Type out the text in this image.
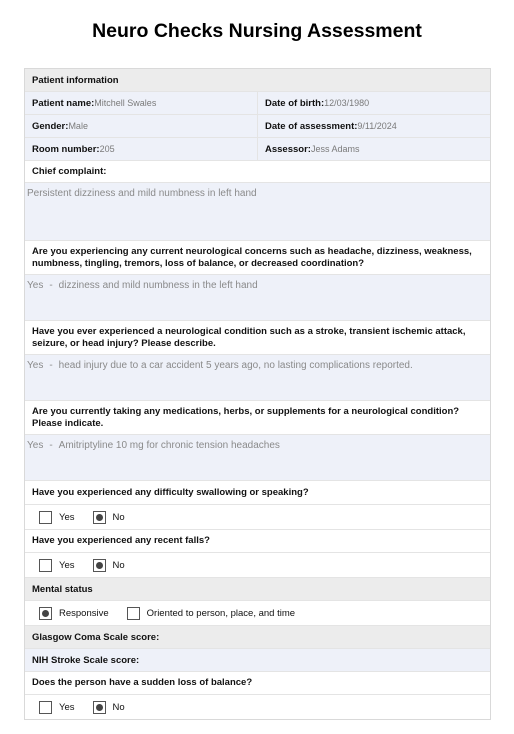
Neuro Checks Nursing Assessment
Patient information
Patient name: Mitchell Swales	Date of birth: 12/03/1980
Gender: Male	Date of assessment: 9/11/2024
Room number: 205	Assessor: Jess Adams
Chief complaint:
Persistent dizziness and mild numbness in left hand
Are you experiencing any current neurological concerns such as headache, dizziness, weakness, numbness, tingling, tremors, loss of balance, or decreased coordination?
Yes - dizziness and mild numbness in the left hand
Have you ever experienced a neurological condition such as a stroke, transient ischemic attack, seizure, or head injury? Please describe.
Yes - head injury due to a car accident 5 years ago, no lasting complications reported.
Are you currently taking any medications, herbs, or supplements for a neurological condition? Please indicate.
Yes - Amitriptyline 10 mg for chronic tension headaches
Have you experienced any difficulty swallowing or speaking?
Yes	No
Have you experienced any recent falls?
Yes	No
Mental status
Responsive	Oriented to person, place, and time
Glasgow Coma Scale score:
NIH Stroke Scale score:
Does the person have a sudden loss of balance?
Yes	No
